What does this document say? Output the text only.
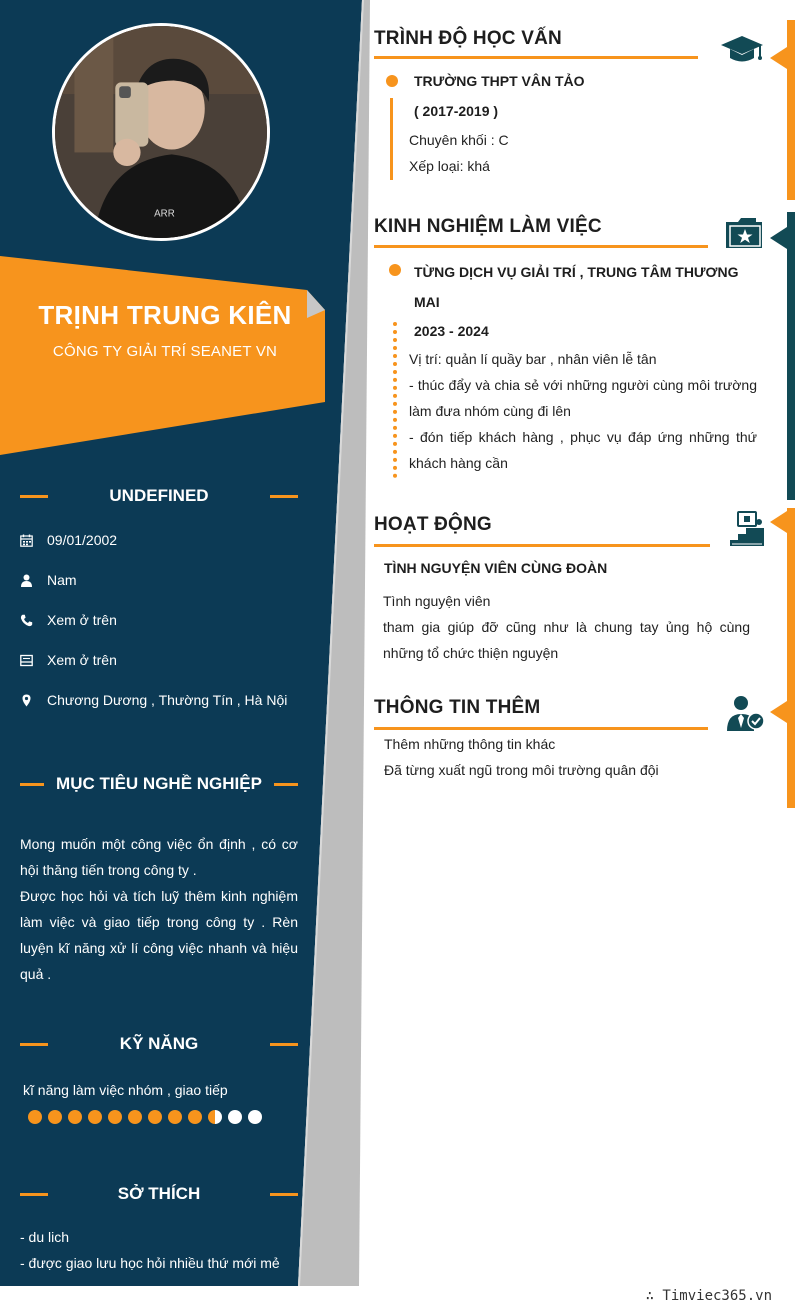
ARR
TRỊNH TRUNG KIÊN
CÔNG TY GIẢI TRÍ SEANET VN
UNDEFINED
09/01/2002
Nam
Xem ở trên
Xem ở trên
Chương Dương , Thường Tín , Hà Nội
MỤC TIÊU NGHỀ NGHIỆP
Mong muốn một công việc ổn định , có cơ hội thăng tiến trong công ty .
Được học hỏi và tích luỹ thêm kinh nghiệm làm việc và giao tiếp trong công ty . Rèn luyện kĩ năng xử lí công việc nhanh và hiệu quả .
KỸ NĂNG
kĩ năng làm việc nhóm , giao tiếp
SỞ THÍCH
- du lich
- được giao lưu học hỏi nhiều thứ mới mẻ
TRÌNH ĐỘ HỌC VẤN
TRƯỜNG THPT VÂN TẢO
( 2017-2019 )
Chuyên khối : C
Xếp loại: khá
KINH NGHIỆM LÀM VIỆC
TỪNG DỊCH VỤ GIẢI TRÍ , TRUNG TÂM THƯƠNG MAI
2023 - 2024
Vị trí: quản lí quầy bar , nhân viên lễ tân
- thúc đẩy và chia sẻ với những người cùng môi trường làm đưa nhóm cùng đi lên
- đón tiếp khách hàng , phục vụ đáp ứng những thứ khách hàng cần
HOẠT ĐỘNG
TÌNH NGUYỆN VIÊN CÙNG ĐOÀN
Tình nguyện viên
tham gia giúp đỡ cũng như là chung tay ủng hộ cùng những tổ chức thiện nguyện
THÔNG TIN THÊM
Thêm những thông tin khác
Đã từng xuất ngũ trong môi trường quân đội
∴ Timviec365.vn
